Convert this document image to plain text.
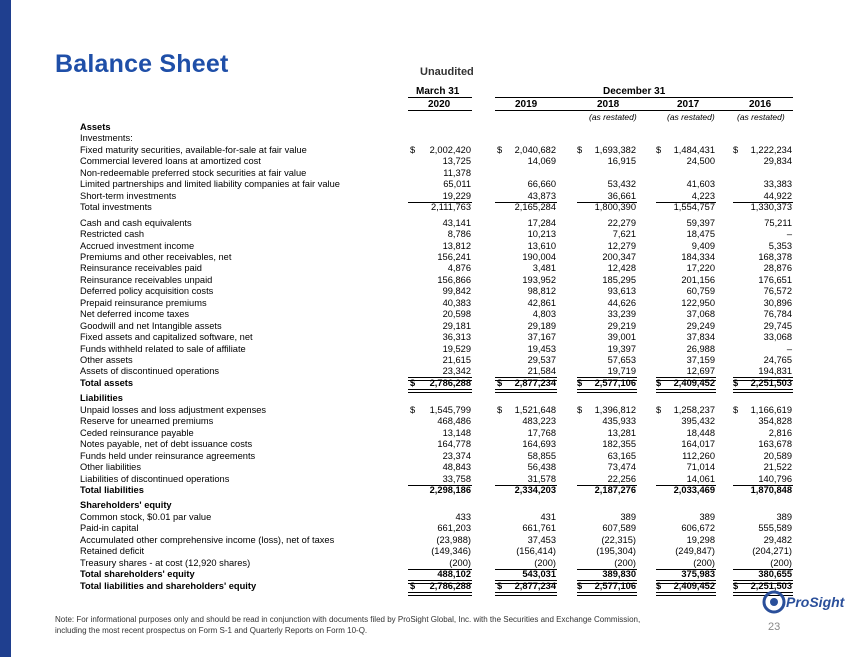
Balance Sheet	Unaudited
March 31	December 31
2020	2019	2018	2017	2016
(as restated)	(as restated)	(as restated)
Assets
Investments:
Fixed maturity securities, available-for-sale at fair value	$	2,002,420	$	2,040,682 $	1,693,382 $	1,484,431 $	1,222,234
Commercial levered loans at amortized cost	13,725	14,069	16,915	24,500	29,834
Non-redeemable preferred stock securities at fair value	11,378
Limited partnerships and limited liability companies at fair value	65,011	66,660	53,432	41,603	33,383
Short-term investments	19,229	43,873	36,661	4,223	44,922
Total investments	2,111,763	2,165,284	1,800,390	1,554,757	1,330,373
Cash and cash equivalents	43,141	17,284	22,279	59,397	75,211
Restricted cash	8,786	10,213	7,621	18,475	–
Accrued investment income	13,812	13,610	12,279	9,409	5,353
Premiums and other receivables, net	156,241	190,004	200,347	184,334	168,378
Reinsurance receivables paid	4,876	3,481	12,428	17,220	28,876
Reinsurance receivables unpaid	156,866	193,952	185,295	201,156	176,651
Deferred policy acquisition costs	99,842	98,812	93,613	60,759	76,572
Prepaid reinsurance premiums	40,383	42,861	44,626	122,950	30,896
Net deferred income taxes	20,598	4,803	33,239	37,068	76,784
Goodwill and net Intangible assets	29,181	29,189	29,219	29,249	29,745
Fixed assets and capitalized software, net	36,313	37,167	39,001	37,834	33,068
Funds withheld related to sale of affiliate	19,529	19,453	19,397	26,988	–
Other assets	21,615	29,537	57,653	37,159	24,765
Assets of discontinued operations	23,342	21,584	19,719	12,697	194,831
Total assets	$	2,786,288	$	2,877,234 $	2,577,106 $	2,409,452 $	2,251,503
Liabilities
Unpaid losses and loss adjustment expenses	$	1,545,799	$	1,521,648 $	1,396,812 $	1,258,237 $	1,166,619
Reserve for unearned premiums	468,486	483,223	435,933	395,432	354,828
Ceded reinsurance payable	13,148	17,768	13,281	18,448	2,816
Notes payable, net of debt issuance costs	164,778	164,693	182,355	164,017	163,678
Funds held under reinsurance agreements	23,374	58,855	63,165	112,260	20,589
Other liabilities	48,843	56,438	73,474	71,014	21,522
Liabilities of discontinued operations	33,758	31,578	22,256	14,061	140,796
Total liabilities	2,298,186	2,334,203	2,187,276	2,033,469	1,870,848
Shareholders' equity
Common stock, $0.01 par value	433	431	389	389	389
Paid-in capital	661,203	661,761	607,589	606,672	555,589
Accumulated other comprehensive income (loss), net of taxes	(23,988)	37,453	(22,315)	19,298	29,482
Retained deficit	(149,346)	(156,414)	(195,304)	(249,847)	(204,271)
Treasury shares - at cost (12,920 shares)	(200)	(200)	(200)	(200)	(200)
Total shareholders' equity	488,102	543,031	389,830	375,983	380,655
Total liabilities and shareholders' equity	$	2,786,288	$	2,877,234 $	2,577,106 $	2,409,452 $	2,251,503
Note: For informational purposes only and should be read in conjunction with documents filed by ProSight Global, Inc. with the Securities and Exchange Commission, including the most recent prospectus on Form S-1 and Quarterly Reports on Form 10-Q.
ProSight
23
